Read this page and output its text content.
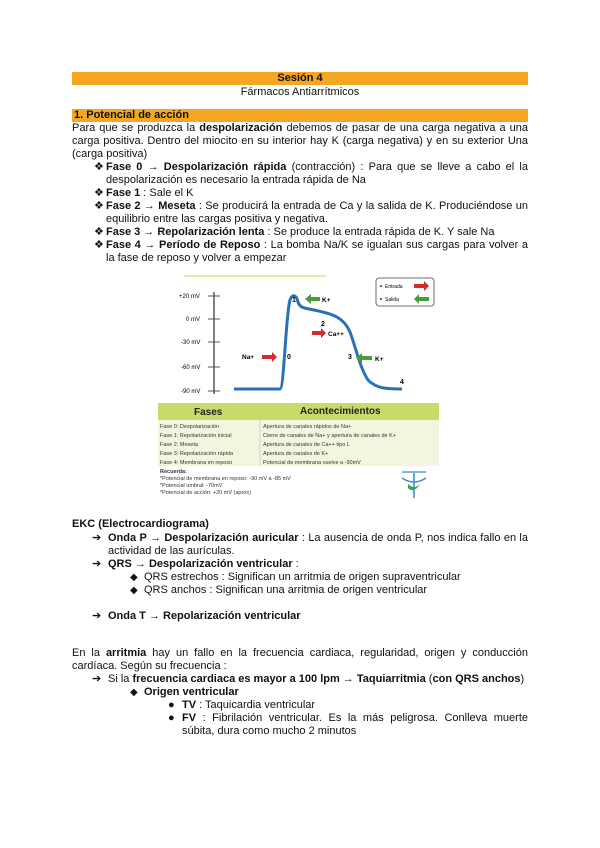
Sesión 4
Fármacos Antiarrítmicos
1. Potencial de acción

Para que se produzca la despolarización debemos de pasar de una carga negativa a una carga positiva. Dentro del miocito en su interior hay K (carga negativa) y en su exterior Una (carga positiva)

❖ Fase 0 → Despolarización rápida (contracción) : Para que se lleve a cabo el la despolarización es necesario la entrada rápida de Na
❖ Fase 1 : Sale el K
❖ Fase 2 → Meseta : Se producirá la entrada de Ca y la salida de K. Produciéndose un equilibrio entre las cargas positiva y negativa.
❖ Fase 3 → Repolarización lenta : Se produce la entrada rápida de K. Y sale Na
❖ Fase 4 → Período de Reposo : La bomba Na/K se igualan sus cargas para volver a la fase de reposo y volver a empezar
+20 mV
0 mV
-30 mV
-60 mV
-90 mV
1
2
0	3
4
K+
Ca++
Na+	K+
Entrada
Salida
Fases	Acontecimientos
Fase 0: Despolarización	Apertura de canales rápidos de Na+
Fase 1: Repolarización inicial	Cierre de canales de Na+ y apertura de canales de K+
Fase 2: Meseta	Apertura de canales de Ca++ tipo L
Fase 3: Repolarización rápida	Apertura de canales de K+
Fase 4: Membrana en reposo	Potencial de membrana vuelve a -90mV
Recuerda:
*Potencial de membrana en reposo: -90 mV a -85 mV
*Potencial umbral: -70mV
*Potencial de acción: +20 mV (aprox)
EKC (Electrocardiograma)
➔ Onda P → Despolarización auricular : La ausencia de onda P, nos indica fallo en la actividad de las aurículas.
➔ QRS → Despolarización ventricular :
◆ QRS estrechos : Significan un arritmia de origen supraventricular
◆ QRS anchos : Significan una arritmia de origen ventricular
➔ Onda T → Repolarización ventricular

En la arritmia hay un fallo en la frecuencia cardiaca, regularidad, origen y conducción cardíaca. Según su frecuencia :

➔ Si la frecuencia cardiaca es mayor a 100 lpm → Taquiarritmia (con QRS anchos)
◆ Origen ventricular
● TV : Taquicardia ventricular
● FV : Fibrilación ventricular. Es la más peligrosa. Conlleva muerte súbita, dura como mucho 2 minutos
